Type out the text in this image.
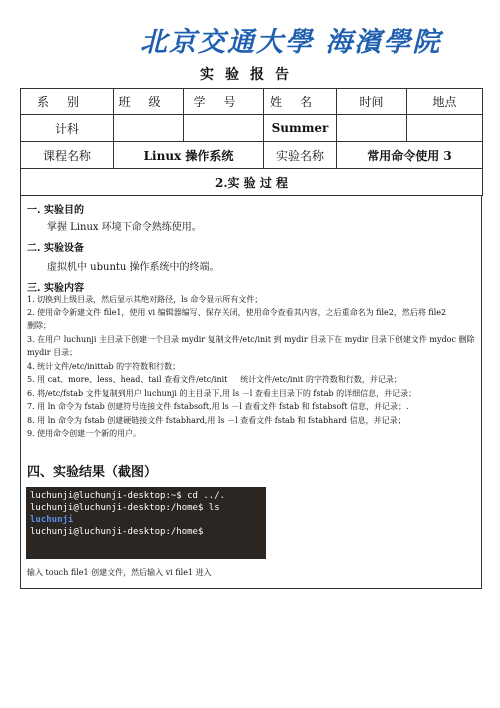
北京交通大學 海濱學院
实验报告
系别	班级	学号	姓名	时间	地点
计科			Summer		
课程名称	Linux 操作系统		实验名称	常用命令使用 3	
2.实 验 过 程					
一. 实验目的
掌握 Linux 环境下命令熟练使用。
二. 实验设备
虚拟机中 ubuntu 操作系统中的终端。
三. 实验内容
1. 切换到上级目录，然后显示其绝对路径，ls 命令显示所有文件；
2. 使用命令新建文件 file1，使用 vi 编辑器编写、保存关闭，使用命令查看其内容，之后重命名为 file2，然后将 file2
删除；
3. 在用户 luchunji 主目录下创建一个目录 mydir 复制文件/etc/init 到 mydir 目录下在 mydir 目录下创建文件 mydoc 删除
mydir 目录；
4. 统计文件/etc/inittab 的字符数和行数；
5. 用 cat、more、less、head、tail 查看文件/etc/init     统计文件/etc/init 的字符数和行数，并记录；
6. 将/etc/fstab 文件复制到用户 luchunji 的主目录下,用 ls －l 查看主目录下的 fstab 的详细信息，并记录；
7. 用 ln 命令为 fstab 创建符号连接文件 fstabsoft,用 ls －l 查看文件 fstab 和 fstabsoft 信息，并记录；.
8. 用 ln 命令为 fstab 创建硬链接文件 fstabhard,用 ls －l 查看文件 fstab 和 fstabhard 信息，并记录；
9. 使用命令创建一个新的用户。
四、实验结果（截图）
luchunji@luchunji-desktop:~$ cd ../.
luchunji@luchunji-desktop:/home$ ls
luchunji
luchunji@luchunji-desktop:/home$
输入 touch file1 创建文件，然后输入 vi file1 进入
